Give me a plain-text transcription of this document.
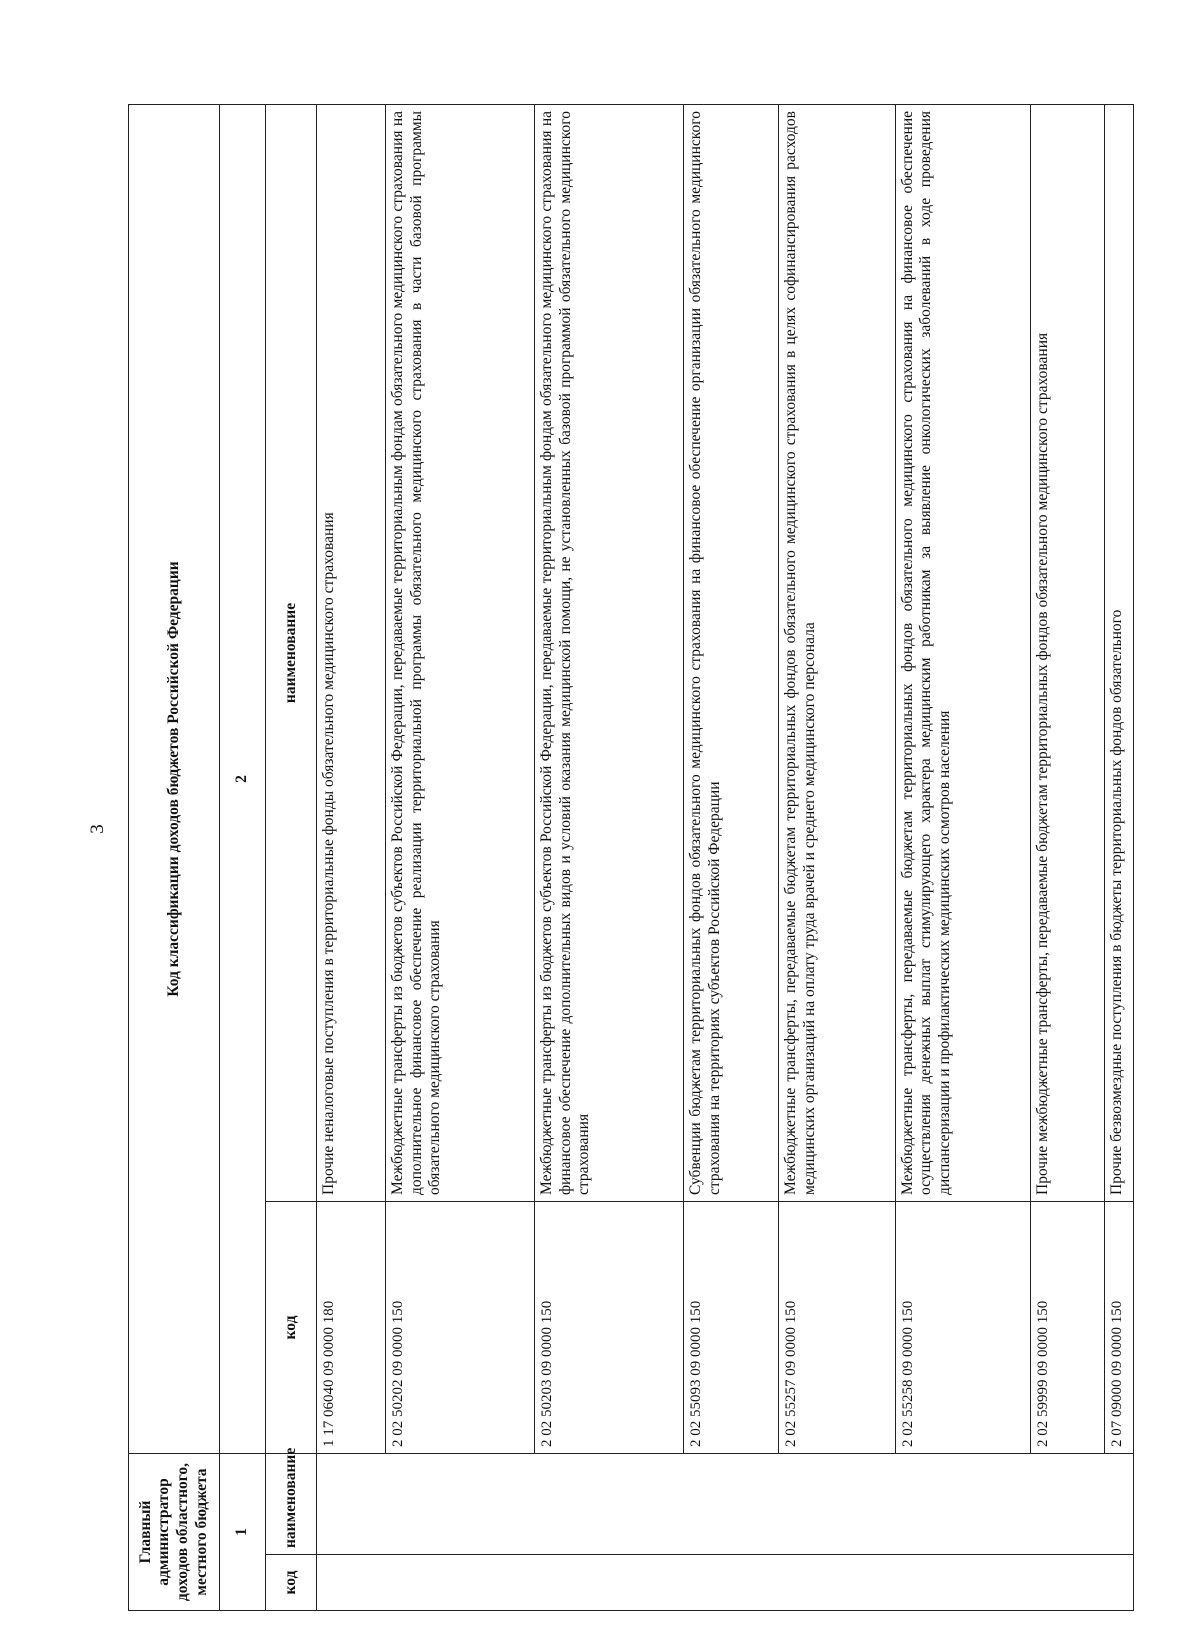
3
Главный администратор доходов областного, местного бюджета		Код классификации доходов бюджетов Российской Федерации	
1		2	
код	наименование	код	наименование
		1 17 06040 09 0000 180	Прочие неналоговые поступления в территориальные фонды обязательного медицинского страхования
		2 02 50202 09 0000 150	Межбюджетные трансферты из бюджетов субъектов Российской Федерации, передаваемые территориальным фондам обязательного медицинского страхования на дополнительное финансовое обеспечение реализации территориальной программы обязательного медицинского страхования в части базовой программы обязательного медицинского страхования
		2 02 50203 09 0000 150	Межбюджетные трансферты из бюджетов субъектов Российской Федерации, передаваемые территориальным фондам обязательного медицинского страхования на финансовое обеспечение дополнительных видов и условий оказания медицинской помощи, не установленных базовой программой обязательного медицинского страхования
		2 02 55093 09 0000 150	Субвенции бюджетам территориальных фондов обязательного медицинского страхования на финансовое обеспечение организации обязательного медицинского страхования на территориях субъектов Российской Федерации
		2 02 55257 09 0000 150	Межбюджетные трансферты, передаваемые бюджетам территориальных фондов обязательного медицинского страхования в целях софинансирования расходов медицинских организаций на оплату труда врачей и среднего медицинского персонала
		2 02 55258 09 0000 150	Межбюджетные трансферты, передаваемые бюджетам территориальных фондов обязательного медицинского страхования на финансовое обеспечение осуществления денежных выплат стимулирующего характера медицинским работникам за выявление онкологических заболеваний в ходе проведения диспансеризации и профилактических медицинских осмотров населения
		2 02 59999 09 0000 150	Прочие межбюджетные трансферты, передаваемые бюджетам территориальных фондов обязательного медицинского страхования
		2 07 09000 09 0000 150	Прочие безвозмездные поступления в бюджеты территориальных фондов обязательного
